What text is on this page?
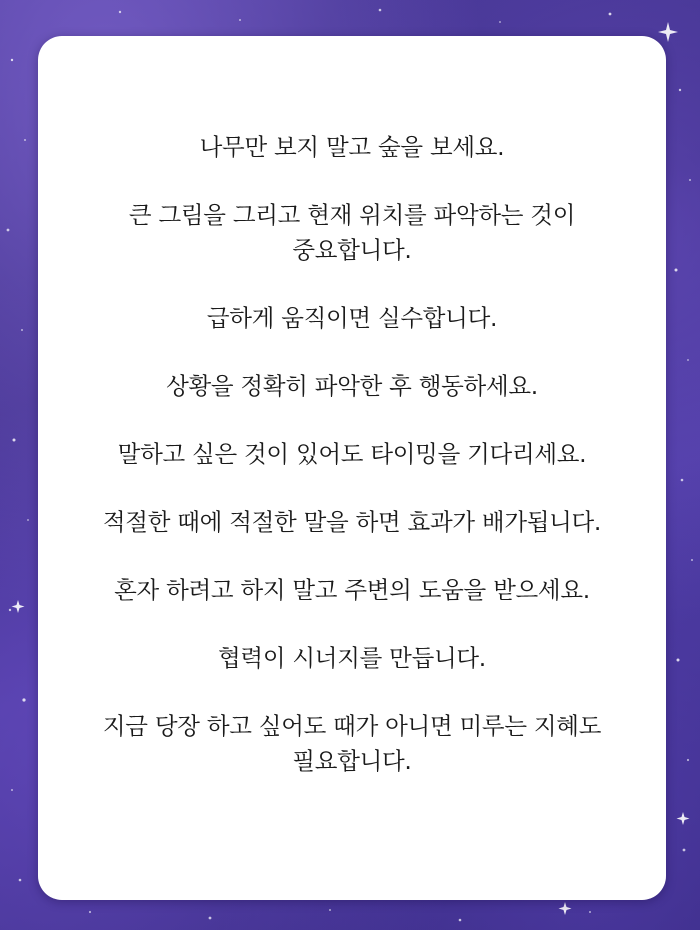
나무만 보지 말고 숲을 보세요.

큰 그림을 그리고 현재 위치를 파악하는 것이
중요합니다.

급하게 움직이면 실수합니다.

상황을 정확히 파악한 후 행동하세요.

말하고 싶은 것이 있어도 타이밍을 기다리세요.

적절한 때에 적절한 말을 하면 효과가 배가됩니다.

혼자 하려고 하지 말고 주변의 도움을 받으세요.

협력이 시너지를 만듭니다.

지금 당장 하고 싶어도 때가 아니면 미루는 지혜도
필요합니다.
